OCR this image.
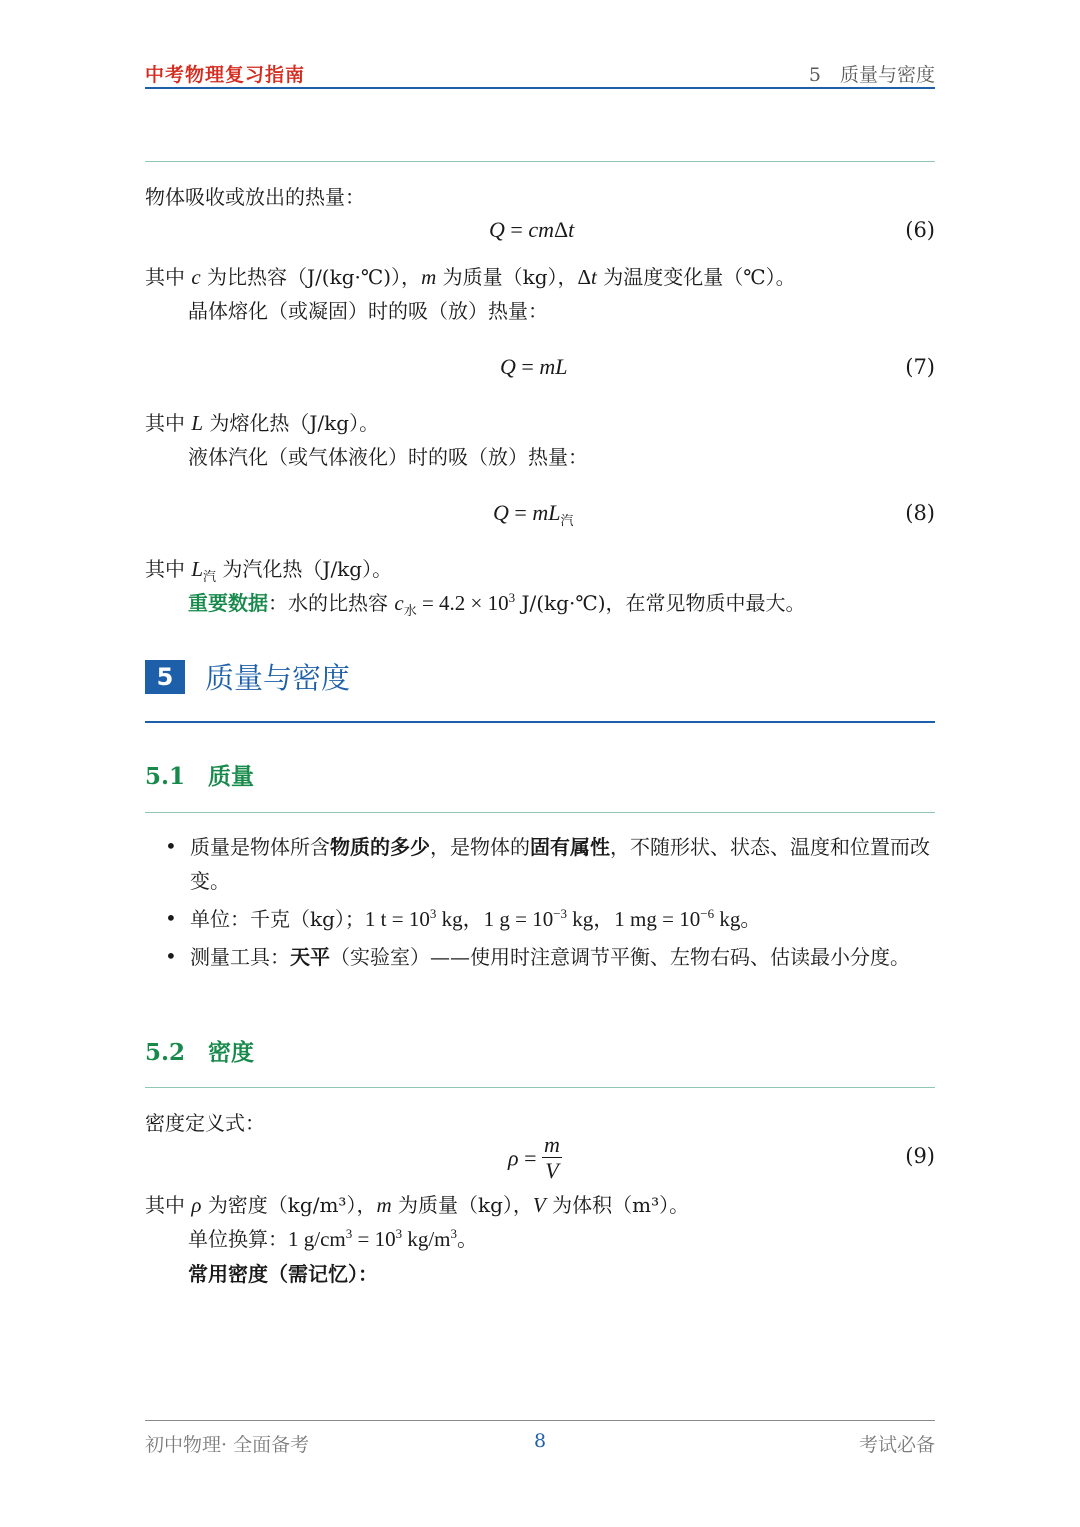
中考物理复习指南	5　质量与密度
物体吸收或放出的热量：
Q = cmΔt	(6)
其中 c 为比热容（J/(kg·℃)），m 为质量（kg），Δt 为温度变化量（℃）。
晶体熔化（或凝固）时的吸（放）热量：
Q = mL	(7)
其中 L 为熔化热（J/kg）。
液体汽化（或气体液化）时的吸（放）热量：
$Q = mL_汽$	(8)
其中 $L_汽$ 为汽化热（J/kg）。
重要数据：水的比热容 $c_水 = 4.2 \times 10^3$ J/(kg·℃)，在常见物质中最大。
5	质量与密度
5.1　质量
• 质量是物体所含物质的多少，是物体的固有属性，不随形状、状态、温度和位置而改变。
• 单位：千克（kg）；1 $t = 10^3$ kg，1 $g = 10^{-3}$ kg，1 mg = $10^{-6}$ kg。
• 测量工具：天平（实验室）——使用时注意调节平衡、左物右码、估读最小分度。
5.2　密度
密度定义式：
$\rho = \frac{m}{V}$	(9)
其中 ρ 为密度（kg/m³），m 为质量（kg），V 为体积（m³）。
单位换算：1 $g/cm^3 = 10^3$ $kg/m^3$。
常用密度（需记忆）：
初中物理· 全面备考	8	考试必备
